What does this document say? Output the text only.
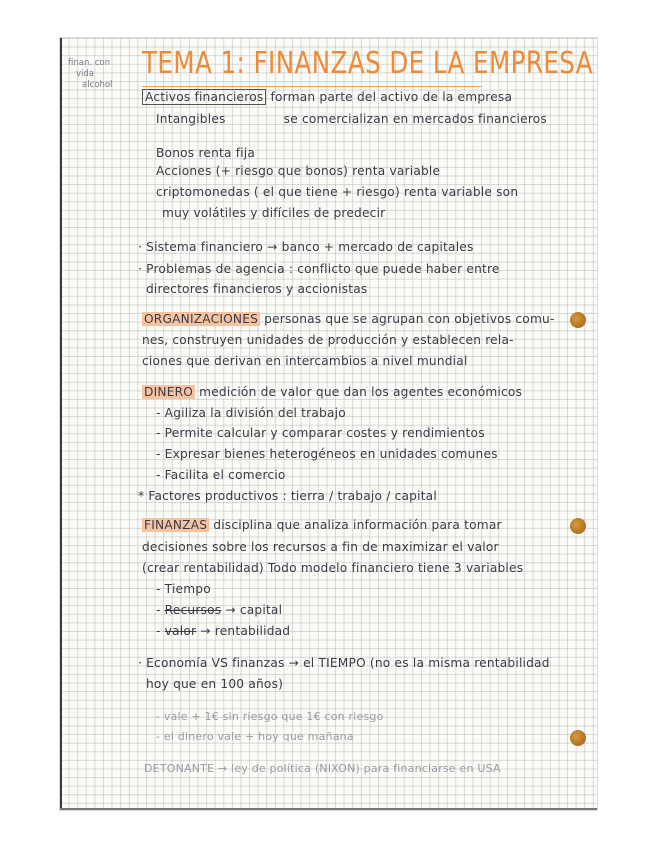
finan. con
vida
alcohol
TEMA 1: FINANZAS DE LA EMPRESA

Activos financieros forman parte del activo de la empresa

Intangibles	se comercializan en mercados financieros

Bonos renta fija

Acciones (+ riesgo que bonos) renta variable

criptomonedas ( el que tiene + riesgo) renta variable son

muy volátiles y difíciles de predecir

· Sistema financiero → banco + mercado de capitales

· Problemas de agencia : conflicto que puede haber entre

directores financieros y accionistas

ORGANIZACIONES personas que se agrupan con objetivos comu-

nes, construyen unidades de producción y establecen rela-

ciones que derivan en intercambios a nivel mundial

DINERO medición de valor que dan los agentes económicos

- Agiliza la división del trabajo

- Permite calcular y comparar costes y rendimientos

- Expresar bienes heterogéneos en unidades comunes

- Facilita el comercio

* Factores productivos : tierra / trabajo / capital

FINANZAS disciplina que analiza información para tomar

decisiones sobre los recursos a fin de maximizar el valor

(crear rentabilidad) Todo modelo financiero tiene 3 variables

- Tiempo

- Recursos → capital

- valor → rentabilidad

· Economía VS finanzas → el TIEMPO (no es la misma rentabilidad

hoy que en 100 años)

- vale + 1€ sin riesgo que 1€ con riesgo

- el dinero vale + hoy que mañana

DETONANTE → ley de política (NIXON) para financiarse en USA
